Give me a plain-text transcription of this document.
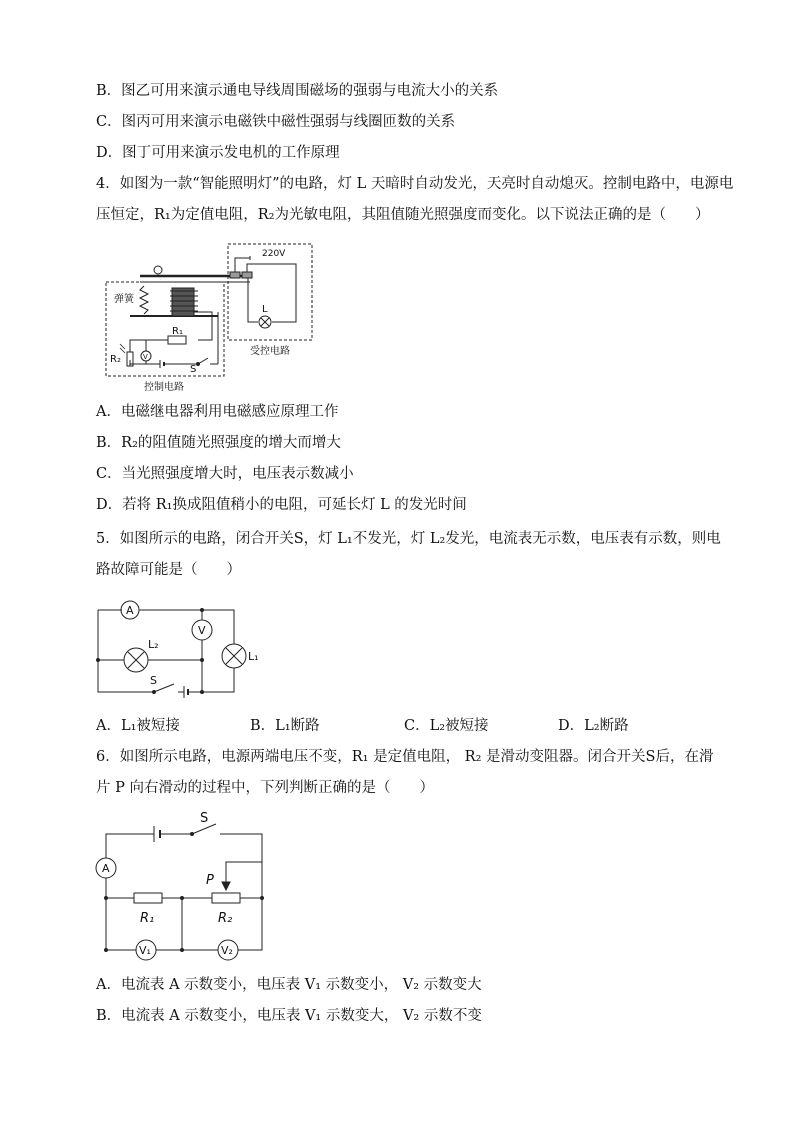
B．图乙可用来演示通电导线周围磁场的强弱与电流大小的关系
C．图丙可用来演示电磁铁中磁性强弱与线圈匝数的关系
D．图丁可用来演示发电机的工作原理
4．如图为一款“智能照明灯”的电路，灯 L 天暗时自动发光，天亮时自动熄灭。控制电路中，电源电
压恒定，R₁为定值电阻，R₂为光敏电阻，其阻值随光照强度而变化。以下说法正确的是（　　）
弹簧
220V
L
R₁
R₂	V
S
控制电路
受控电路
A．电磁继电器利用电磁感应原理工作
B．R₂的阻值随光照强度的增大而增大
C．当光照强度增大时，电压表示数减小
D．若将 R₁换成阻值稍小的电阻，可延长灯 L 的发光时间
5．如图所示的电路，闭合开关S，灯 L₁不发光，灯 L₂发光，电流表无示数，电压表有示数，则电
路故障可能是（　　）
A
V
L₁
L₂
S
A．L₁被短接	B．L₁断路	C．L₂被短接	D．L₂断路
6．如图所示电路，电源两端电压不变，R₁ 是定值电阻， R₂ 是滑动变阻器。闭合开关S后，在滑
片 P 向右滑动的过程中，下列判断正确的是（　　）
S
A
P
R₁	R₂
V₁	V₂
A．电流表 A 示数变小，电压表 V₁ 示数变小， V₂ 示数变大
B．电流表 A 示数变小，电压表 V₁ 示数变大， V₂ 示数不变
